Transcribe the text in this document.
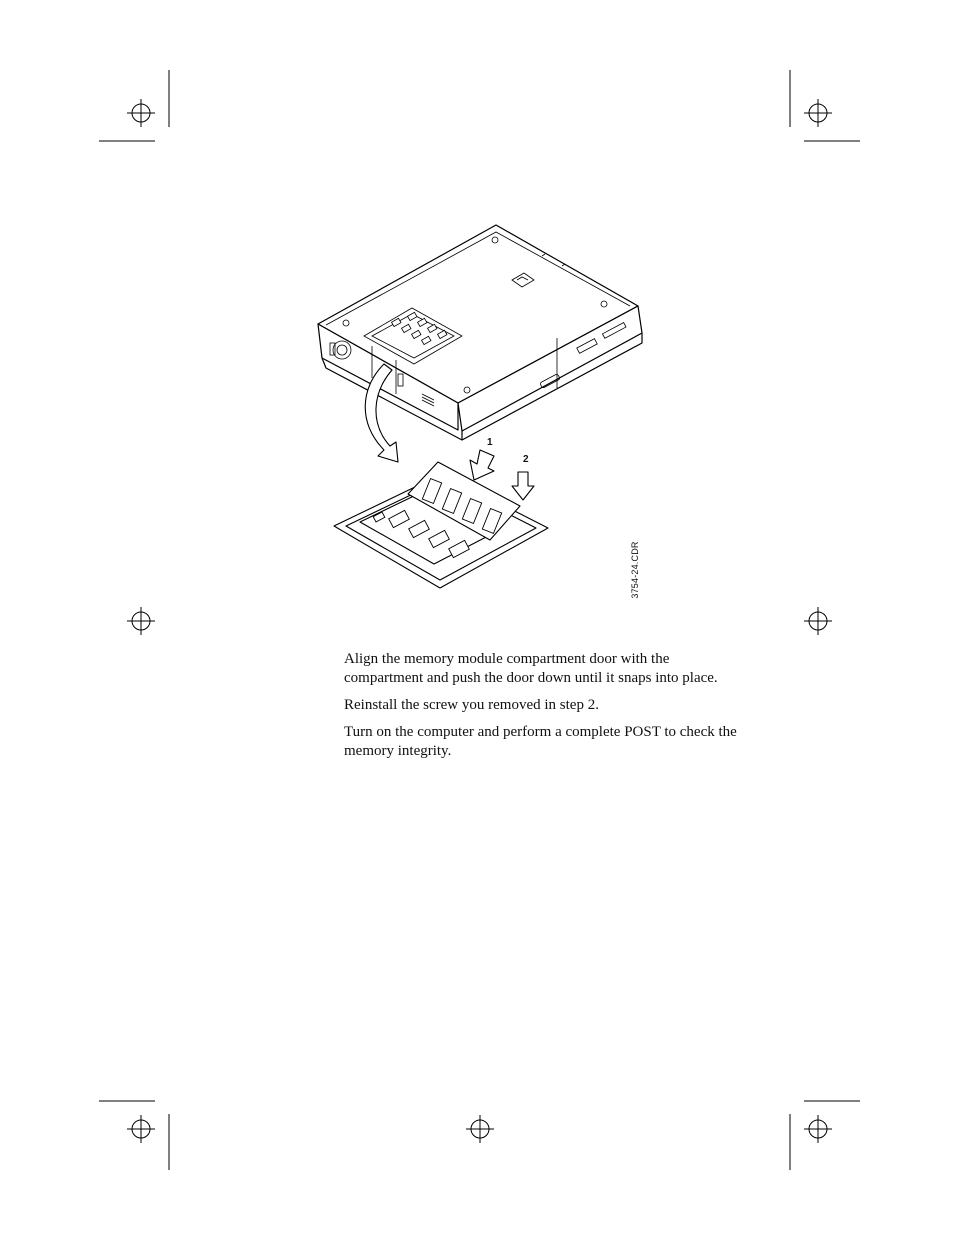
1
2
3754-24.CDR

Align the memory module compartment door with the compartment and push the door down until it snaps into place.

Reinstall the screw you removed in step 2.

Turn on the computer and perform a complete POST to check the memory integrity.
